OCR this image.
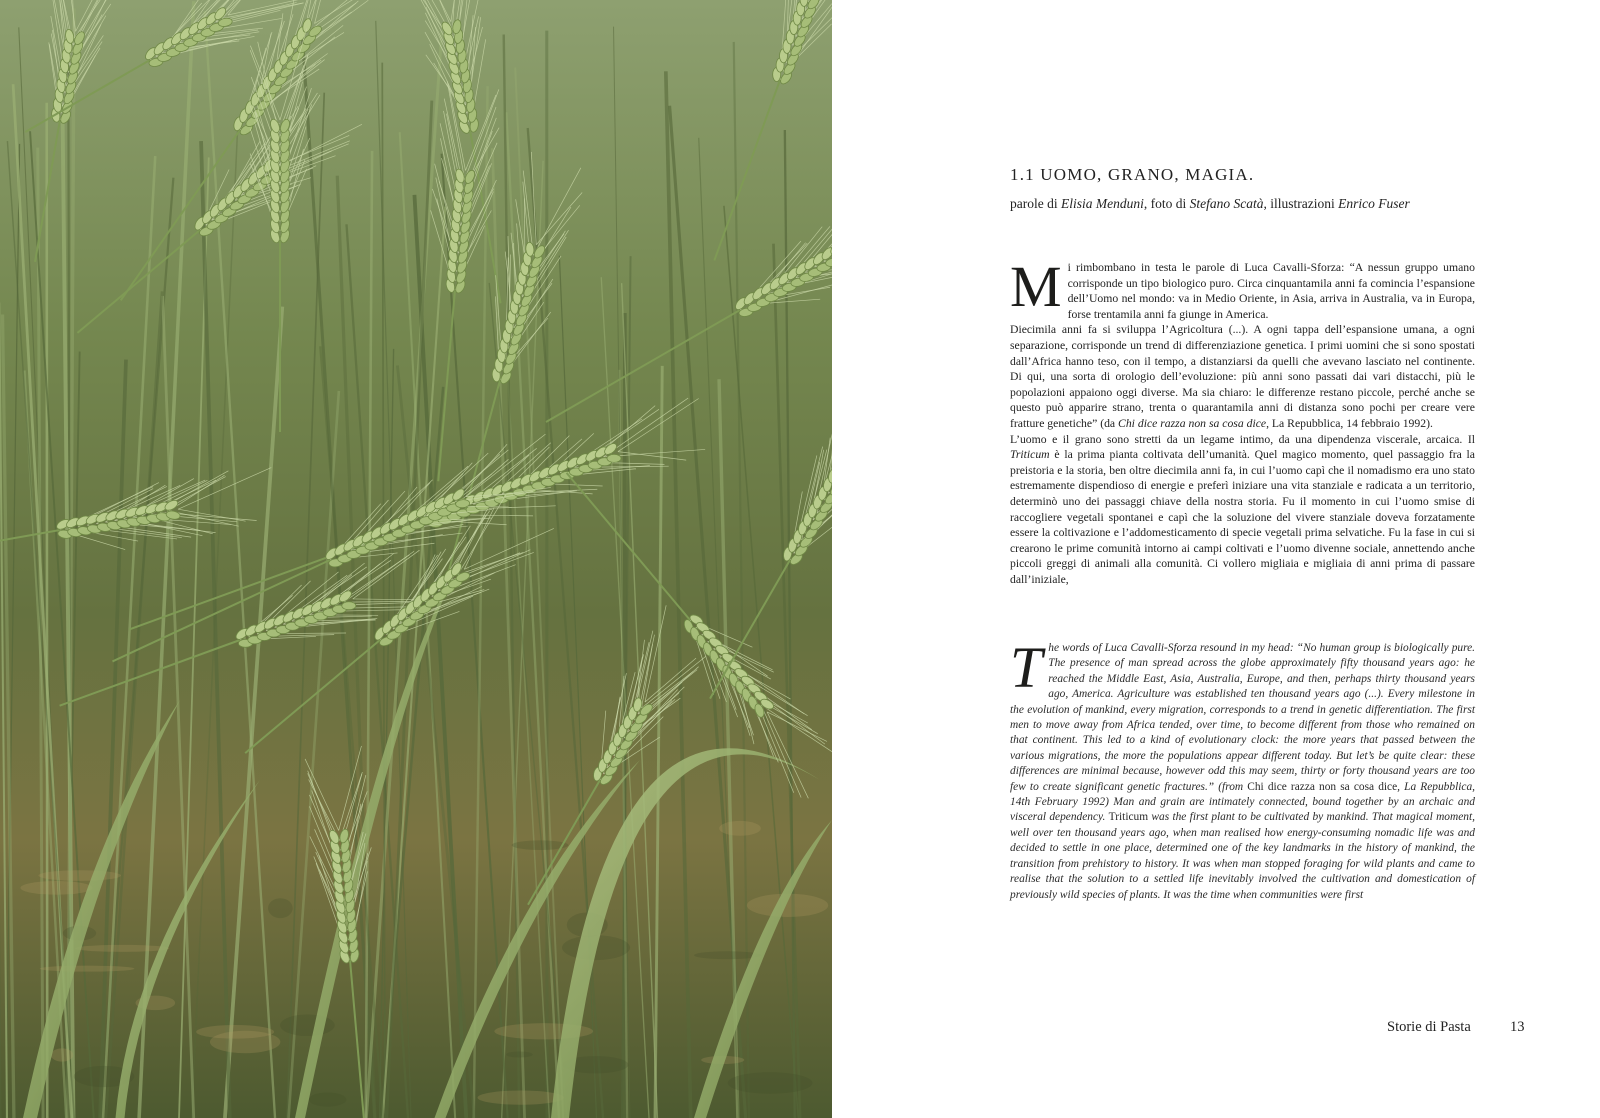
1.1 UOMO, GRANO, MAGIA.
parole di Elisia Menduni, foto di Stefano Scatà, illustrazioni Enrico Fuser

Mi rimbombano in testa le parole di Luca Cavalli-Sforza: “A nessun gruppo umano corrisponde un tipo biologico puro. Circa cinquantamila anni fa comincia l’espansione dell’Uomo nel mondo: va in Medio Oriente, in Asia, arriva in Australia, va in Europa, forse trentamila anni fa giunge in America.

Diecimila anni fa si sviluppa l’Agricoltura (...). A ogni tappa dell’espansione umana, a ogni separazione, corrisponde un trend di differenziazione genetica. I primi uomini che si sono spostati dall’Africa hanno teso, con il tempo, a distanziarsi da quelli che avevano lasciato nel continente. Di qui, una sorta di orologio dell’evoluzione: più anni sono passati dai vari distacchi, più le popolazioni appaiono oggi diverse. Ma sia chiaro: le differenze restano piccole, perché anche se questo può apparire strano, trenta o quarantamila anni di distanza sono pochi per creare vere fratture genetiche” (da Chi dice razza non sa cosa dice, La Repubblica, 14 febbraio 1992).

L’uomo e il grano sono stretti da un legame intimo, da una dipendenza viscerale, arcaica. Il Triticum è la prima pianta coltivata dell’umanità. Quel magico momento, quel passaggio fra la preistoria e la storia, ben oltre diecimila anni fa, in cui l’uomo capì che il nomadismo era uno stato estremamente dispendioso di energie e preferì iniziare una vita stanziale e radicata a un territorio, determinò uno dei passaggi chiave della nostra storia. Fu il momento in cui l’uomo smise di raccogliere vegetali spontanei e capì che la soluzione del vivere stanziale doveva forzatamente essere la coltivazione e l’addomesticamento di specie vegetali prima selvatiche. Fu la fase in cui si crearono le prime comunità intorno ai campi coltivati e l’uomo divenne sociale, annettendo anche piccoli greggi di animali alla comunità. Ci vollero migliaia e migliaia di anni prima di passare dall’iniziale,

The words of Luca Cavalli-Sforza resound in my head: “No human group is biologically pure. The presence of man spread across the globe approximately fifty thousand years ago: he reached the Middle East, Asia, Australia, Europe, and then, perhaps thirty thousand years ago, America. Agriculture was established ten thousand years ago (...). Every milestone in the evolution of mankind, every migration, corresponds to a trend in genetic differentiation. The first men to move away from Africa tended, over time, to become different from those who remained on that continent. This led to a kind of evolutionary clock: the more years that passed between the various migrations, the more the populations appear different today. But let’s be quite clear: these differences are minimal because, however odd this may seem, thirty or forty thousand years are too few to create significant genetic fractures.” (from Chi dice razza non sa cosa dice, La Repubblica, 14th February 1992) Man and grain are intimately connected, bound together by an archaic and visceral dependency. Triticum was the first plant to be cultivated by mankind. That magical moment, well over ten thousand years ago, when man realised how energy-consuming nomadic life was and decided to settle in one place, determined one of the key landmarks in the history of mankind, the transition from prehistory to history. It was when man stopped foraging for wild plants and came to realise that the solution to a settled life inevitably involved the cultivation and domestication of previously wild species of plants. It was the time when communities were first

Storie di Pasta	13
